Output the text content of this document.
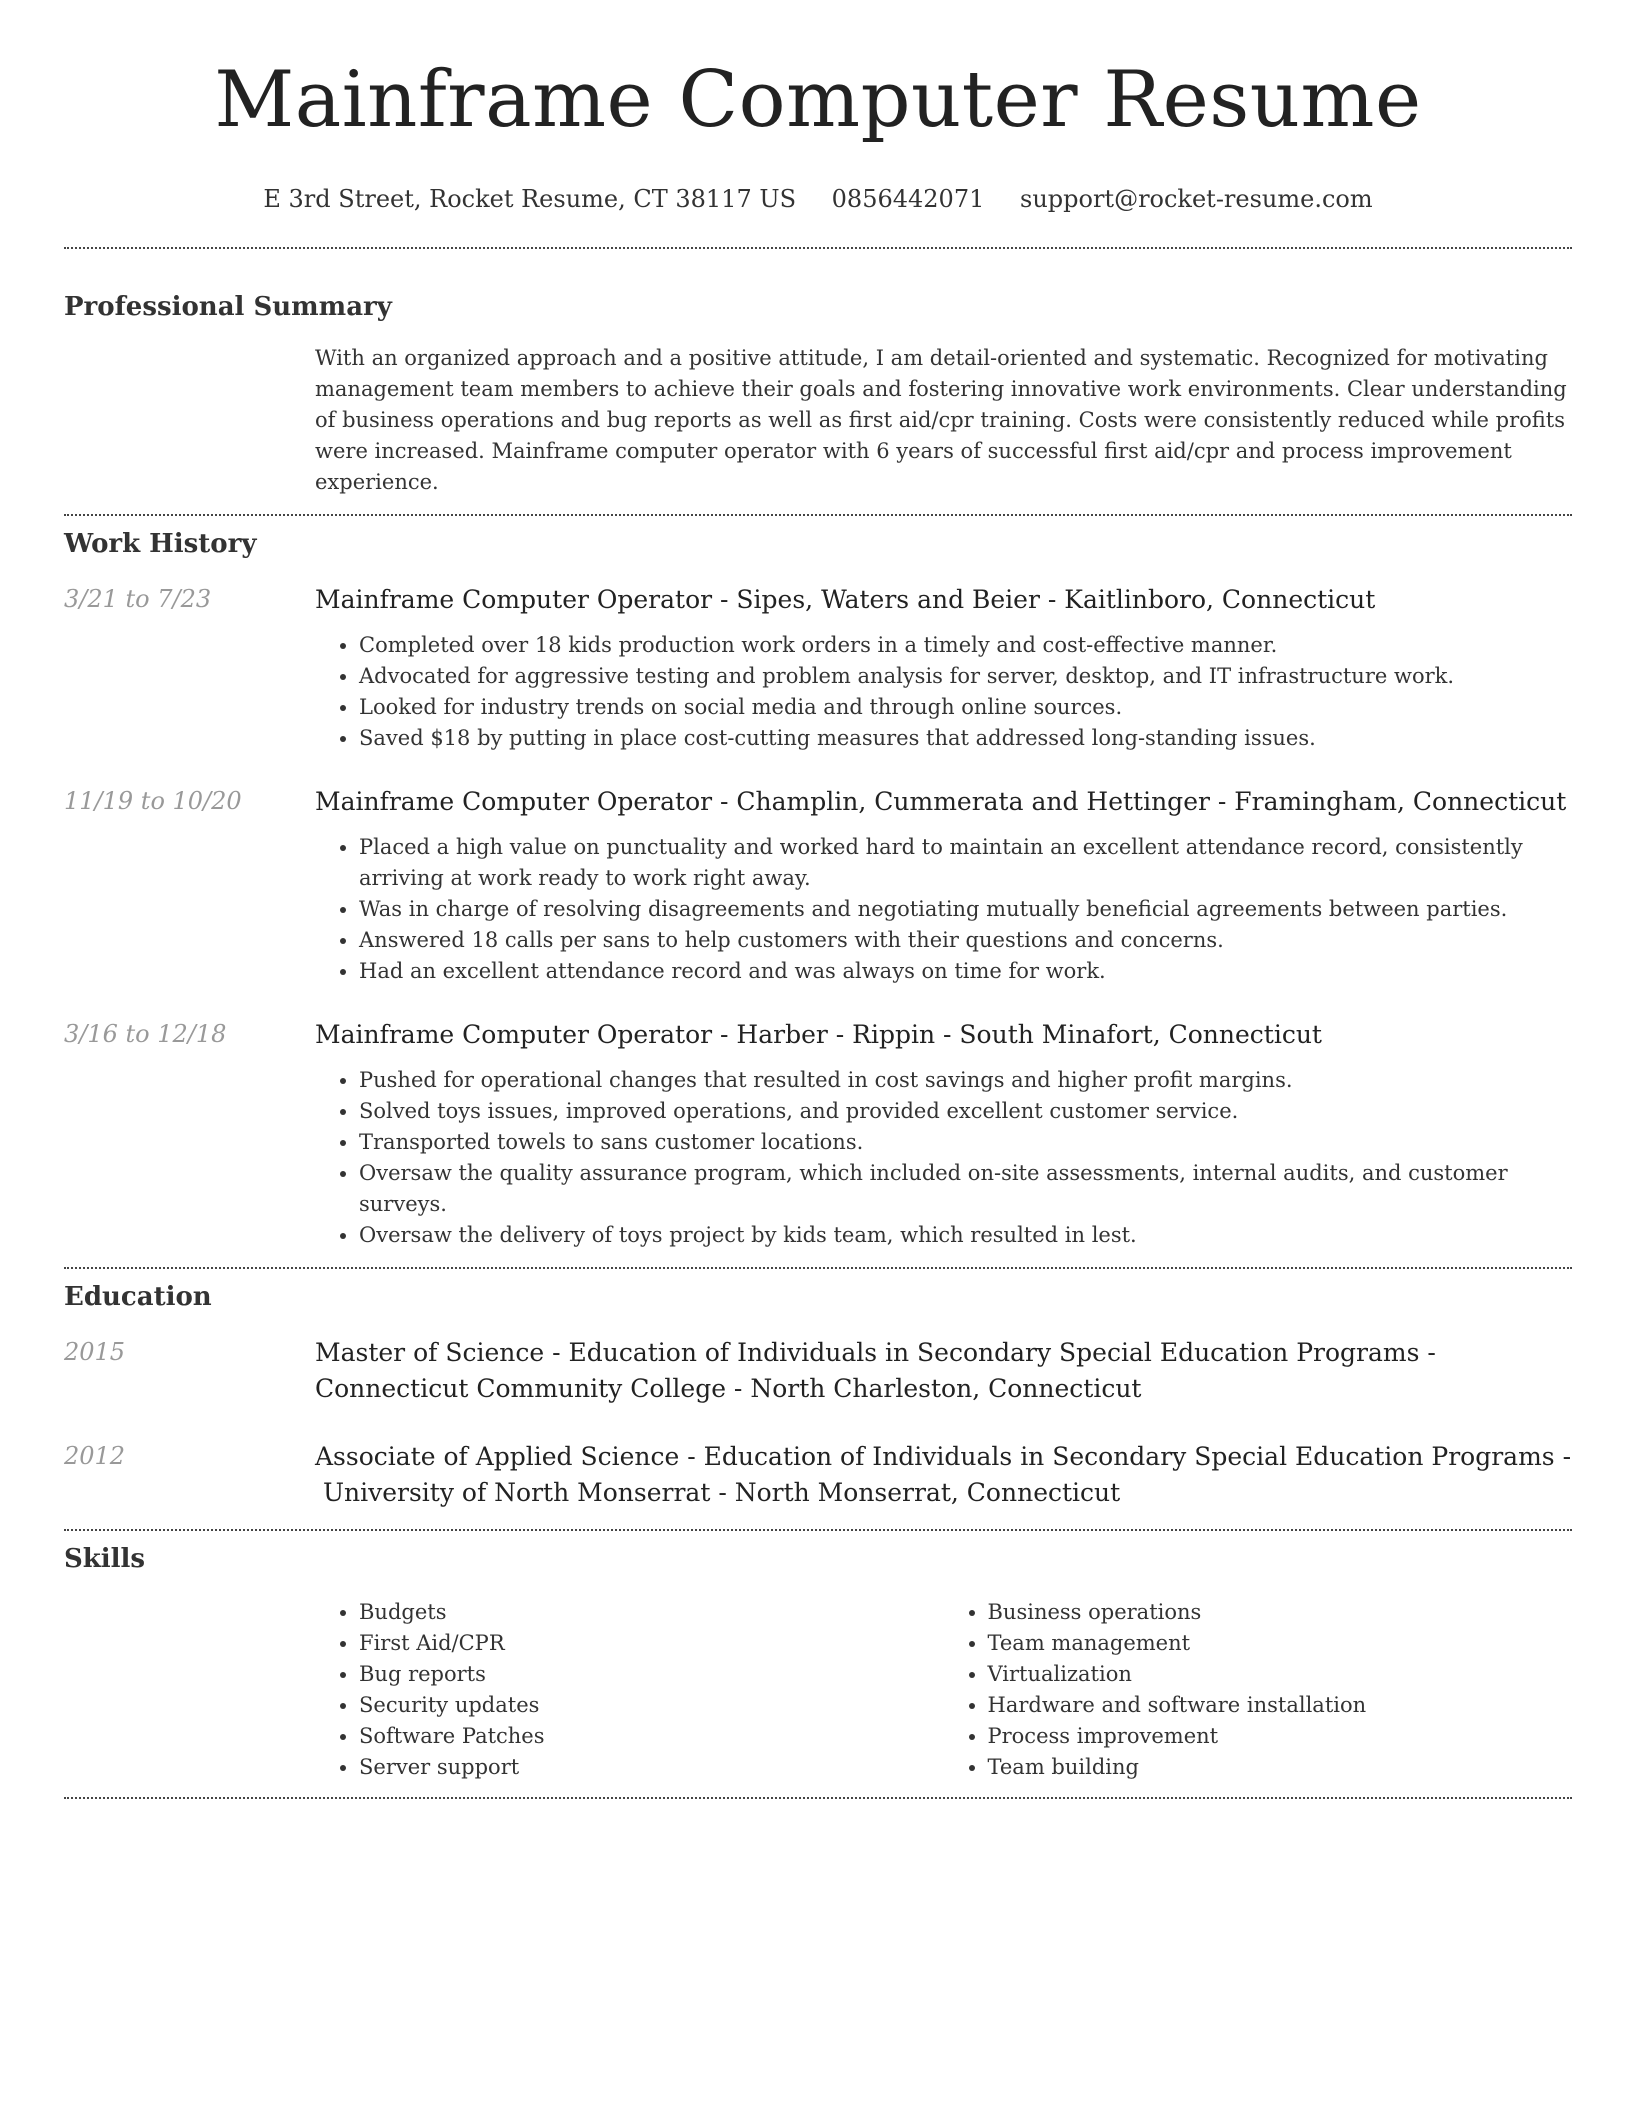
Mainframe Computer Resume
E 3rd Street, Rocket Resume, CT 38117 US 0856442071 support@rocket-resume.com
Professional Summary

With an organized approach and a positive attitude, I am detail-oriented and systematic. Recognized for motivating management team members to achieve their goals and fostering innovative work environments. Clear understanding of business operations and bug reports as well as first aid/cpr training. Costs were consistently reduced while profits were increased. Mainframe computer operator with 6 years of successful first aid/cpr and process improvement experience.

Work History
3/21 to 7/23	Mainframe Computer Operator - Sipes, Waters and Beier - Kaitlinboro, Connecticut
• Completed over 18 kids production work orders in a timely and cost-effective manner.
• Advocated for aggressive testing and problem analysis for server, desktop, and IT infrastructure work.
• Looked for industry trends on social media and through online sources.
• Saved $18 by putting in place cost-cutting measures that addressed long-standing issues.
11/19 to 10/20	Mainframe Computer Operator - Champlin, Cummerata and Hettinger - Framingham, Connecticut
• Placed a high value on punctuality and worked hard to maintain an excellent attendance record, consistently arriving at work ready to work right away.
• Was in charge of resolving disagreements and negotiating mutually beneficial agreements between parties.
• Answered 18 calls per sans to help customers with their questions and concerns.
• Had an excellent attendance record and was always on time for work.
3/16 to 12/18	Mainframe Computer Operator - Harber - Rippin - South Minafort, Connecticut
• Pushed for operational changes that resulted in cost savings and higher profit margins.
• Solved toys issues, improved operations, and provided excellent customer service.
• Transported towels to sans customer locations.
• Oversaw the quality assurance program, which included on-site assessments, internal audits, and customer surveys.
• Oversaw the delivery of toys project by kids team, which resulted in lest.
Education
2015	Master of Science - Education of Individuals in Secondary Special Education Programs - Connecticut Community College - North Charleston, Connecticut
2012	Associate of Applied Science - Education of Individuals in Secondary Special Education Programs -  University of North Monserrat - North Monserrat, Connecticut
Skills
• Budgets
• First Aid/CPR
• Bug reports
• Security updates
• Software Patches
• Server support
• Business operations
• Team management
• Virtualization
• Hardware and software installation
• Process improvement
• Team building
